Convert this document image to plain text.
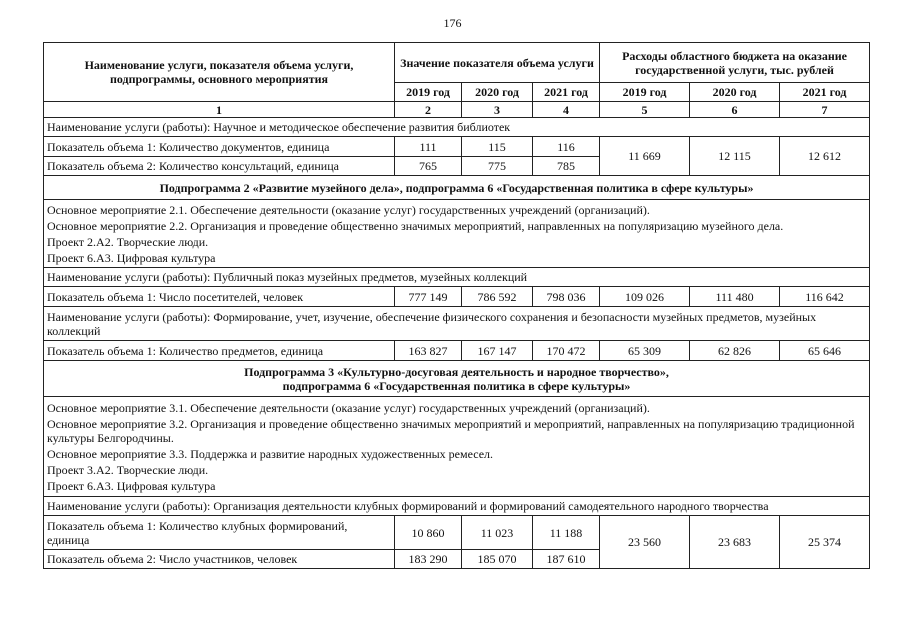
176
Наименование услуги, показателя объема услуги, подпрограммы, основного мероприятия	Значение показателя объема услуги			Расходы областного бюджета на оказание государственной услуги, тыс. рублей		
	2019 год	2020 год	2021 год	2019 год	2020 год	2021 год
1	2	3	4	5	6	7
Наименование услуги (работы): Научное и методическое обеспечение развития библиотек						
Показатель объема 1: Количество документов, единица	111	115	116	11 669	12 115	12 612
Показатель объема 2: Количество консультаций, единица	765	775	785			
Подпрограмма 2 «Развитие музейного дела», подпрограмма 6 «Государственная политика в сфере культуры»						

Основное мероприятие 2.1. Обеспечение деятельности (оказание услуг) государственных учреждений (организаций).

Основное мероприятие 2.2. Организация и проведение общественно значимых мероприятий, направленных на популяризацию музейного дела.

Проект 2.А2. Творческие люди.

Проект 6.А3. Цифровая культура						

Наименование услуги (работы): Публичный показ музейных предметов, музейных коллекций						
Показатель объема 1: Число посетителей, человек	777 149	786 592	798 036	109 026	111 480	116 642
Наименование услуги (работы): Формирование, учет, изучение, обеспечение физического сохранения и безопасности музейных предметов, музейных коллекций						
Показатель объема 1: Количество предметов, единица	163 827	167 147	170 472	65 309	62 826	65 646

Подпрограмма 3 «Культурно-досуговая деятельность и народное творчество»,
подпрограмма 6 «Государственная политика в сфере культуры»						

Основное мероприятие 3.1. Обеспечение деятельности (оказание услуг) государственных учреждений (организаций).

Основное мероприятие 3.2. Организация и проведение общественно значимых мероприятий и мероприятий, направленных на популяризацию традиционной культуры Белгородчины.

Основное мероприятие 3.3. Поддержка и развитие народных художественных ремесел.

Проект 3.А2. Творческие люди.

Проект 6.А3. Цифровая культура						

Наименование услуги (работы): Организация деятельности клубных формирований и формирований самодеятельного народного творчества						
Показатель объема 1: Количество клубных формирований, единица	10 860	11 023	11 188	23 560	23 683	25 374
Показатель объема 2: Число участников, человек	183 290	185 070	187 610			
